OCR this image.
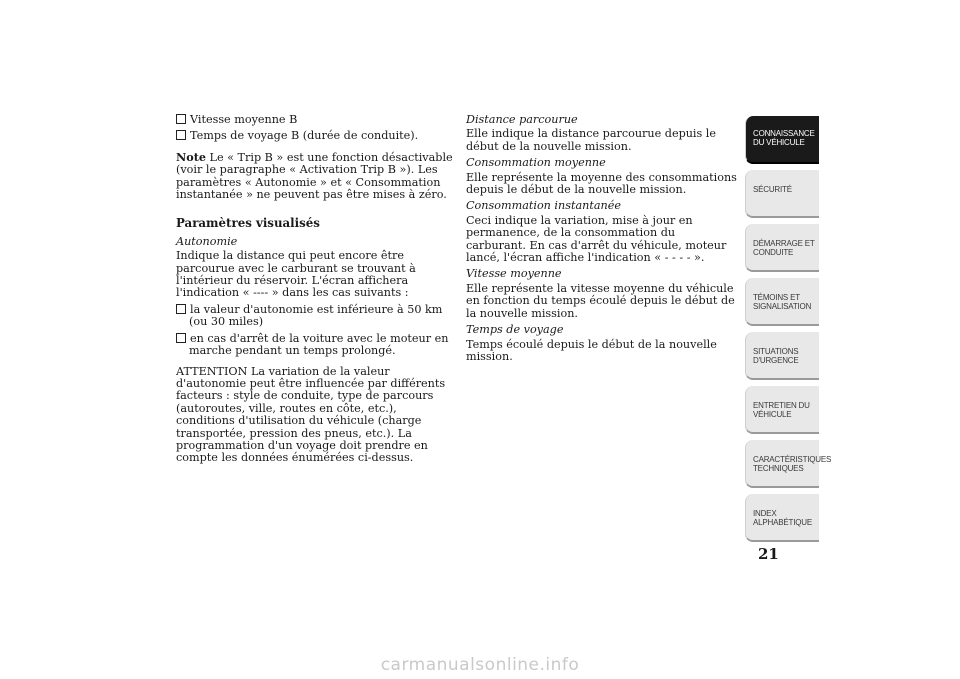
Vitesse moyenne B

Temps de voyage B (durée de conduite).

Note Le « Trip B » est une fonction désactivable (voir le paragraphe « Activation Trip B »). Les paramètres « Autonomie » et « Consommation instantanée » ne peuvent pas être mises à zéro.

Paramètres visualisés
Autonomie

Indique la distance qui peut encore être parcourue avec le carburant se trouvant à l'intérieur du réservoir. L'écran affichera l'indication « ---- » dans les cas suivants :

la valeur d'autonomie est inférieure à 50 km (ou 30 miles)

en cas d'arrêt de la voiture avec le moteur en marche pendant un temps prolongé.

ATTENTION La variation de la valeur d'autonomie peut être influencée par différents facteurs : style de conduite, type de parcours (autoroutes, ville, routes en côte, etc.), conditions d'utilisation du véhicule (charge transportée, pression des pneus, etc.). La programmation d'un voyage doit prendre en compte les données énumérées ci-dessus.

Distance parcourue

Elle indique la distance parcourue depuis le début de la nouvelle mission.

Consommation moyenne

Elle représente la moyenne des consommations depuis le début de la nouvelle mission.

Consommation instantanée

Ceci indique la variation, mise à jour en permanence, de la consommation du carburant. En cas d'arrêt du véhicule, moteur lancé, l'écran affiche l'indication « - - - - ».

Vitesse moyenne

Elle représente la vitesse moyenne du véhicule en fonction du temps écoulé depuis le début de la nouvelle mission.

Temps de voyage

Temps écoulé depuis le début de la nouvelle mission.

CONNAISSANCE DU VÉHICULE
SÉCURITÉ
DÉMARRAGE ET CONDUITE
TÉMOINS ET SIGNALISATION
SITUATIONS D'URGENCE
ENTRETIEN DU VÉHICULE
CARACTÉRISTIQUES TECHNIQUES
INDEX ALPHABÉTIQUE
21
carmanualsonline.info
